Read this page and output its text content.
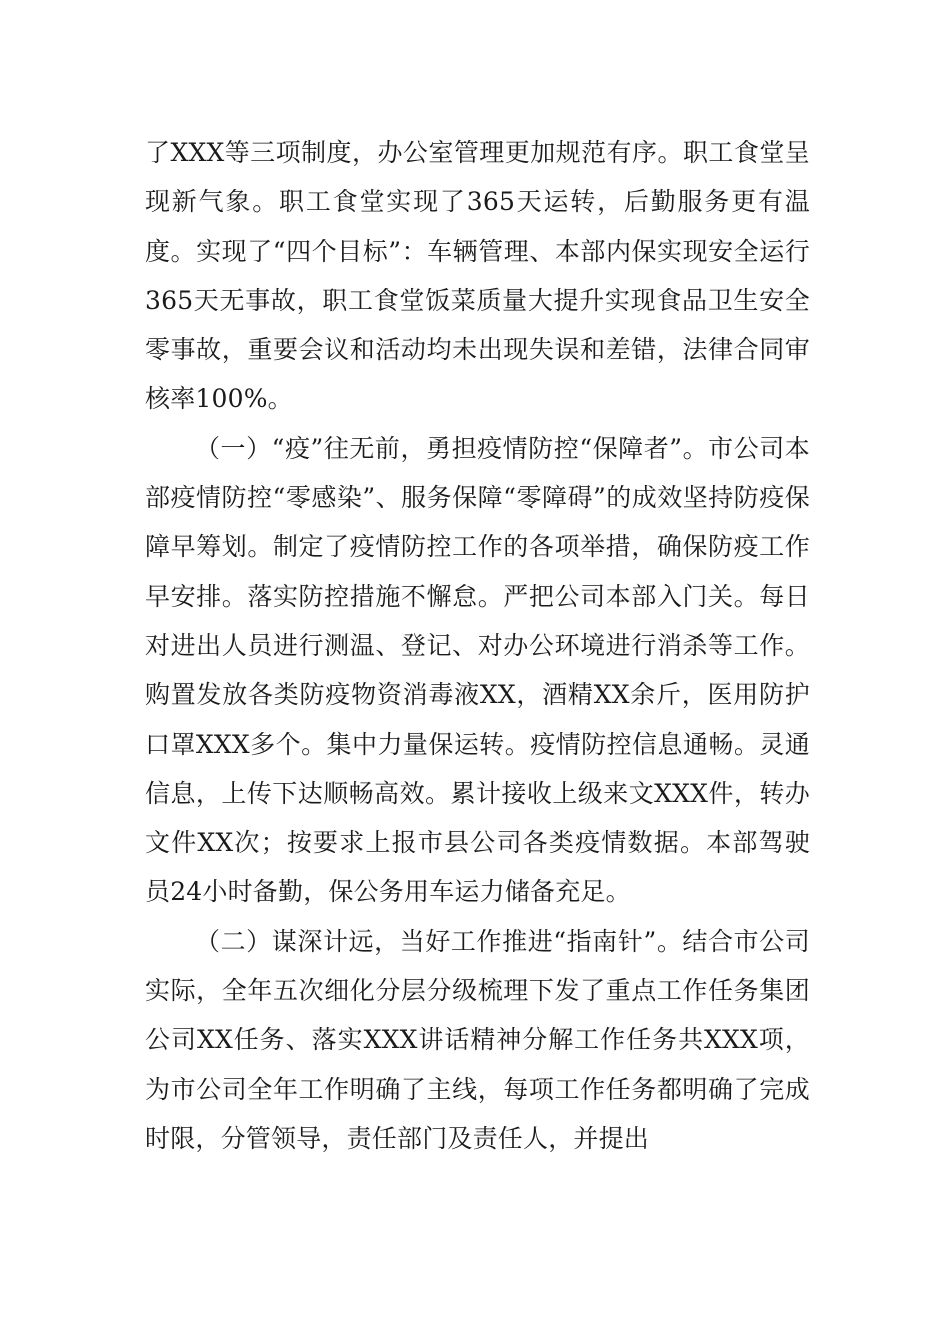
了XXX等三项制度，办公室管理更加规范有序。职工食堂呈现新气象。职工食堂实现了365天运转，后勤服务更有温度。实现了“四个目标”：车辆管理、本部内保实现安全运行365天无事故，职工食堂饭菜质量大提升实现食品卫生安全零事故，重要会议和活动均未出现失误和差错，法律合同审核率100%。

（一）“疫”往无前，勇担疫情防控“保障者”。市公司本部疫情防控“零感染”、服务保障“零障碍”的成效坚持防疫保障早筹划。制定了疫情防控工作的各项举措，确保防疫工作早安排。落实防控措施不懈怠。严把公司本部入门关。每日对进出人员进行测温、登记、对办公环境进行消杀等工作。购置发放各类防疫物资消毒液XX，酒精XX余斤，医用防护口罩XXX多个。集中力量保运转。疫情防控信息通畅。灵通信息，上传下达顺畅高效。累计接收上级来文XXX件，转办文件XX次；按要求上报市县公司各类疫情数据。本部驾驶员24小时备勤，保公务用车运力储备充足。

（二）谋深计远，当好工作推进“指南针”。结合市公司实际，全年五次细化分层分级梳理下发了重点工作任务集团公司XX任务、落实XXX讲话精神分解工作任务共XXX项，为市公司全年工作明确了主线，每项工作任务都明确了完成时限，分管领导，责任部门及责任人，并提出
